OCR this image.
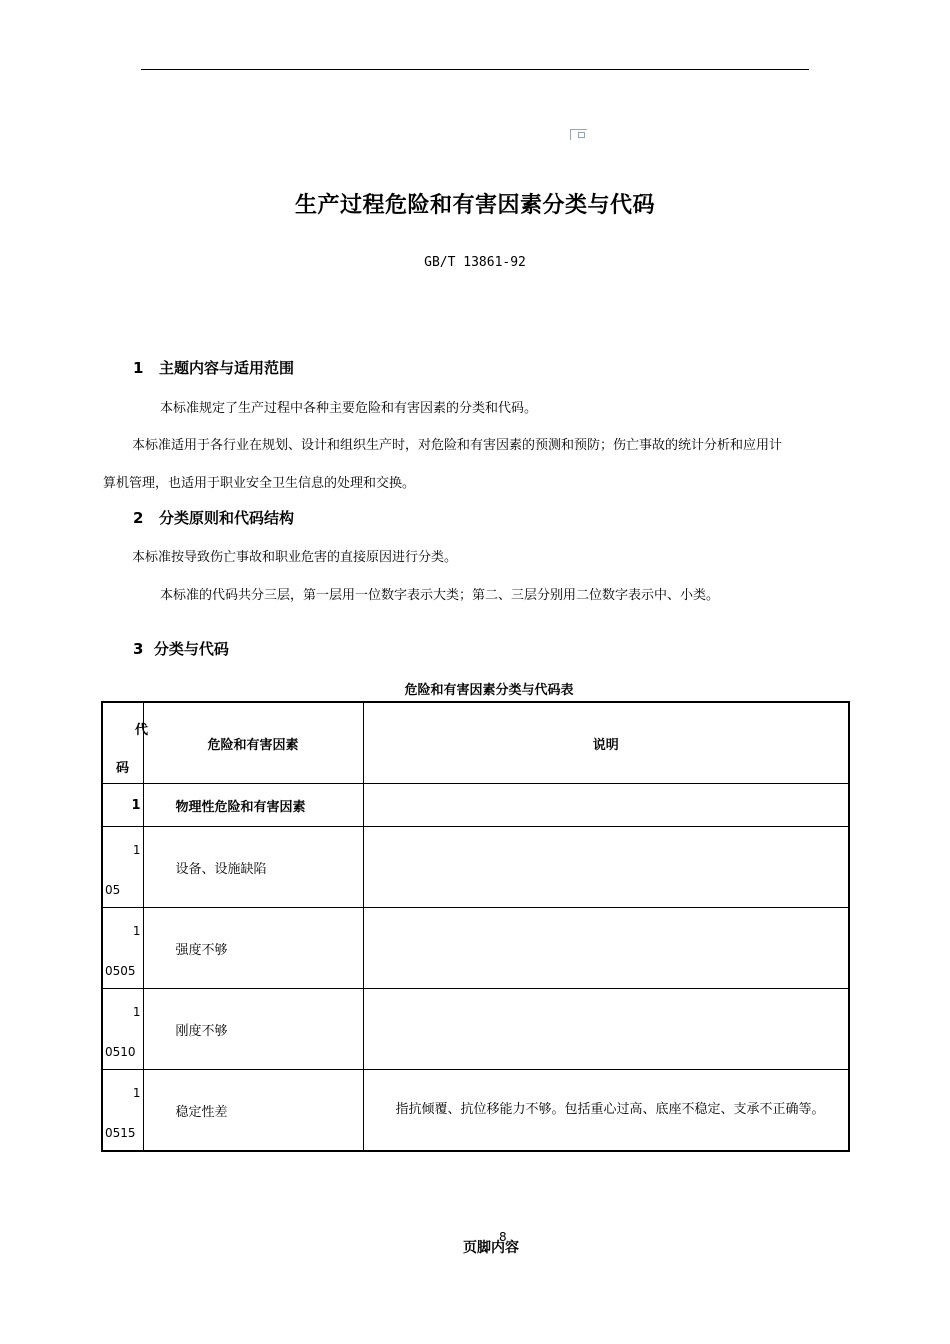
生产过程危险和有害因素分类与代码
GB/T 13861-92
1 主题内容与适用范围
本标准规定了生产过程中各种主要危险和有害因素的分类和代码。
本标准适用于各行业在规划、设计和组织生产时，对危险和有害因素的预测和预防；伤亡事故的统计分析和应用计
算机管理，也适用于职业安全卫生信息的处理和交换。
2 分类原则和代码结构
本标准按导致伤亡事故和职业危害的直接原因进行分类。
本标准的代码共分三层，第一层用一位数字表示大类；第二、三层分别用二位数字表示中、小类。
3 分类与代码
危险和有害因素分类与代码表
代
码	危险和有害因素	说明

1	物理性危险和有害因素	

1
05	设备、设施缺陷	

1
0505	强度不够	

1
0510	刚度不够	

1
0515	稳定性差	指抗倾覆、抗位移能力不够。包括重心过高、底座不稳定、支承不正确等。
页脚内容
8
